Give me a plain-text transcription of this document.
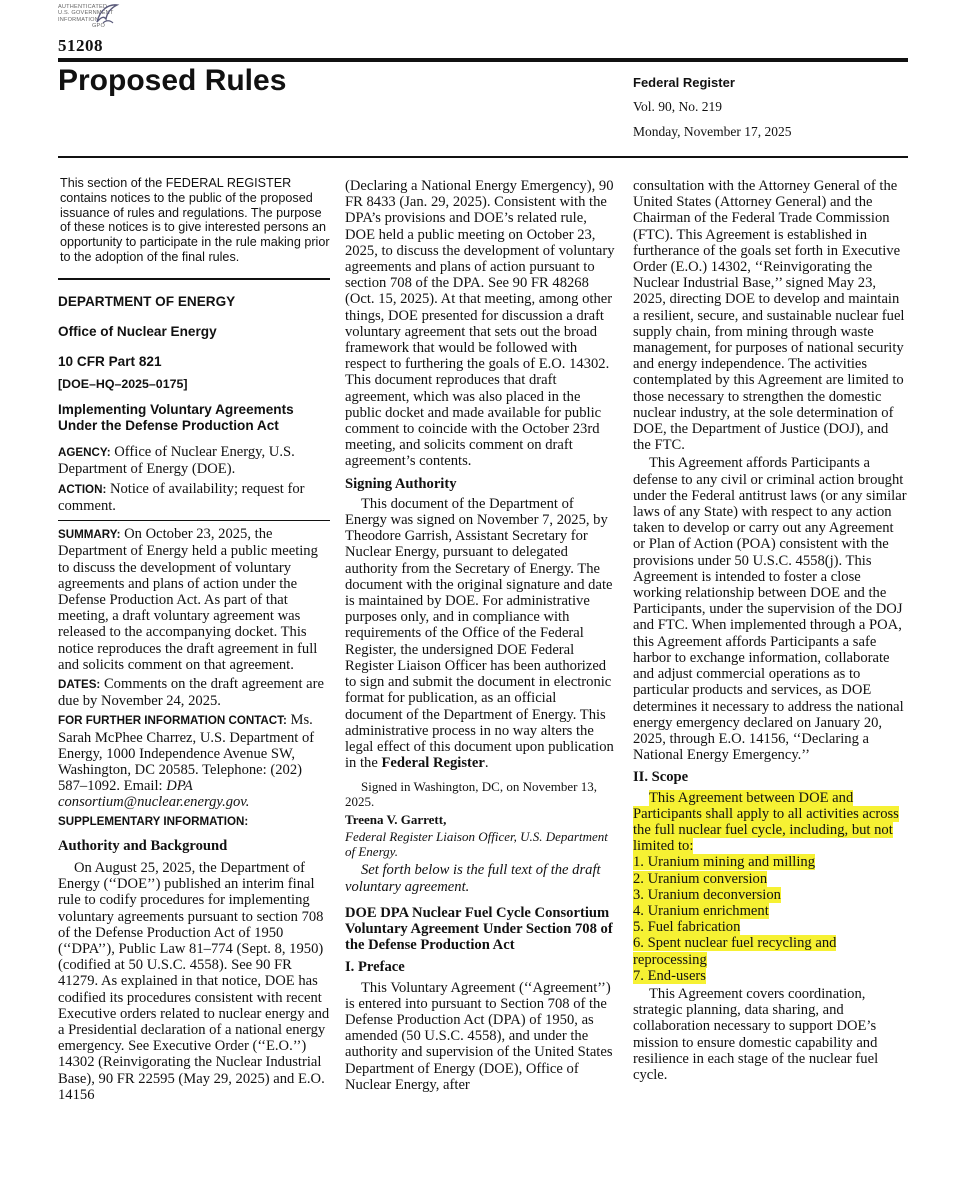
AUTHENTICATED
U.S. GOVERNMENT
INFORMATION
GPO
51208
Proposed Rules	Federal Register
Vol. 90, No. 219
Monday, November 17, 2025

This section of the FEDERAL REGISTER contains notices to the public of the proposed issuance of rules and regulations. The purpose of these notices is to give interested persons an opportunity to participate in the rule making prior to the adoption of the final rules.

DEPARTMENT OF ENERGY

Office of Nuclear Energy

10 CFR Part 821

[DOE–HQ–2025–0175]

Implementing Voluntary Agreements Under the Defense Production Act

AGENCY: Office of Nuclear Energy, U.S. Department of Energy (DOE).

ACTION: Notice of availability; request for comment.

SUMMARY: On October 23, 2025, the Department of Energy held a public meeting to discuss the development of voluntary agreements and plans of action under the Defense Production Act. As part of that meeting, a draft voluntary agreement was released to the accompanying docket. This notice reproduces the draft agreement in full and solicits comment on that agreement.

DATES: Comments on the draft agreement are due by November 24, 2025.

FOR FURTHER INFORMATION CONTACT: Ms. Sarah McPhee Charrez, U.S. Department of Energy, 1000 Independence Avenue SW, Washington, DC 20585. Telephone: (202) 587–1092. Email: DPA consortium@nuclear.energy.gov.

SUPPLEMENTARY INFORMATION:

Authority and Background

On August 25, 2025, the Department of Energy (‘‘DOE’’) published an interim final rule to codify procedures for implementing voluntary agreements pursuant to section 708 of the Defense Production Act of 1950 (‘‘DPA’’), Public Law 81–774 (Sept. 8, 1950) (codified at 50 U.S.C. 4558). See 90 FR 41279. As explained in that notice, DOE has codified its procedures consistent with recent Executive orders related to nuclear energy and a Presidential declaration of a national energy emergency. See Executive Order (‘‘E.O.’’) 14302 (Reinvigorating the Nuclear Industrial Base), 90 FR 22595 (May 29, 2025) and E.O. 14156

(Declaring a National Energy Emergency), 90 FR 8433 (Jan. 29, 2025). Consistent with the DPA’s provisions and DOE’s related rule, DOE held a public meeting on October 23, 2025, to discuss the development of voluntary agreements and plans of action pursuant to section 708 of the DPA. See 90 FR 48268 (Oct. 15, 2025). At that meeting, among other things, DOE presented for discussion a draft voluntary agreement that sets out the broad framework that would be followed with respect to furthering the goals of E.O. 14302. This document reproduces that draft agreement, which was also placed in the public docket and made available for public comment to coincide with the October 23rd meeting, and solicits comment on draft agreement’s contents.

Signing Authority

This document of the Department of Energy was signed on November 7, 2025, by Theodore Garrish, Assistant Secretary for Nuclear Energy, pursuant to delegated authority from the Secretary of Energy. The document with the original signature and date is maintained by DOE. For administrative purposes only, and in compliance with requirements of the Office of the Federal Register, the undersigned DOE Federal Register Liaison Officer has been authorized to sign and submit the document in electronic format for publication, as an official document of the Department of Energy. This administrative process in no way alters the legal effect of this document upon publication in the Federal Register.

Signed in Washington, DC, on November 13, 2025.

Treena V. Garrett,

Federal Register Liaison Officer, U.S. Department of Energy.

Set forth below is the full text of the draft voluntary agreement.

DOE DPA Nuclear Fuel Cycle Consortium Voluntary Agreement Under Section 708 of the Defense Production Act

I. Preface

This Voluntary Agreement (‘‘Agreement’’) is entered into pursuant to Section 708 of the Defense Production Act (DPA) of 1950, as amended (50 U.S.C. 4558), and under the authority and supervision of the United States Department of Energy (DOE), Office of Nuclear Energy, after

consultation with the Attorney General of the United States (Attorney General) and the Chairman of the Federal Trade Commission (FTC). This Agreement is established in furtherance of the goals set forth in Executive Order (E.O.) 14302, ‘‘Reinvigorating the Nuclear Industrial Base,’’ signed May 23, 2025, directing DOE to develop and maintain a resilient, secure, and sustainable nuclear fuel supply chain, from mining through waste management, for purposes of national security and energy independence. The activities contemplated by this Agreement are limited to those necessary to strengthen the domestic nuclear industry, at the sole determination of DOE, the Department of Justice (DOJ), and the FTC.

This Agreement affords Participants a defense to any civil or criminal action brought under the Federal antitrust laws (or any similar laws of any State) with respect to any action taken to develop or carry out any Agreement or Plan of Action (POA) consistent with the provisions under 50 U.S.C. 4558(j). This Agreement is intended to foster a close working relationship between DOE and the Participants, under the supervision of the DOJ and FTC. When implemented through a POA, this Agreement affords Participants a safe harbor to exchange information, collaborate and adjust commercial operations as to particular products and services, as DOE determines it necessary to address the national energy emergency declared on January 20, 2025, through E.O. 14156, ‘‘Declaring a National Energy Emergency.’’

II. Scope

This Agreement between DOE and Participants shall apply to all activities across the full nuclear fuel cycle, including, but not limited to:

1. Uranium mining and milling

2. Uranium conversion

3. Uranium deconversion

4. Uranium enrichment

5. Fuel fabrication

6. Spent nuclear fuel recycling and reprocessing

7. End-users

This Agreement covers coordination, strategic planning, data sharing, and collaboration necessary to support DOE’s mission to ensure domestic capability and resilience in each stage of the nuclear fuel cycle.
